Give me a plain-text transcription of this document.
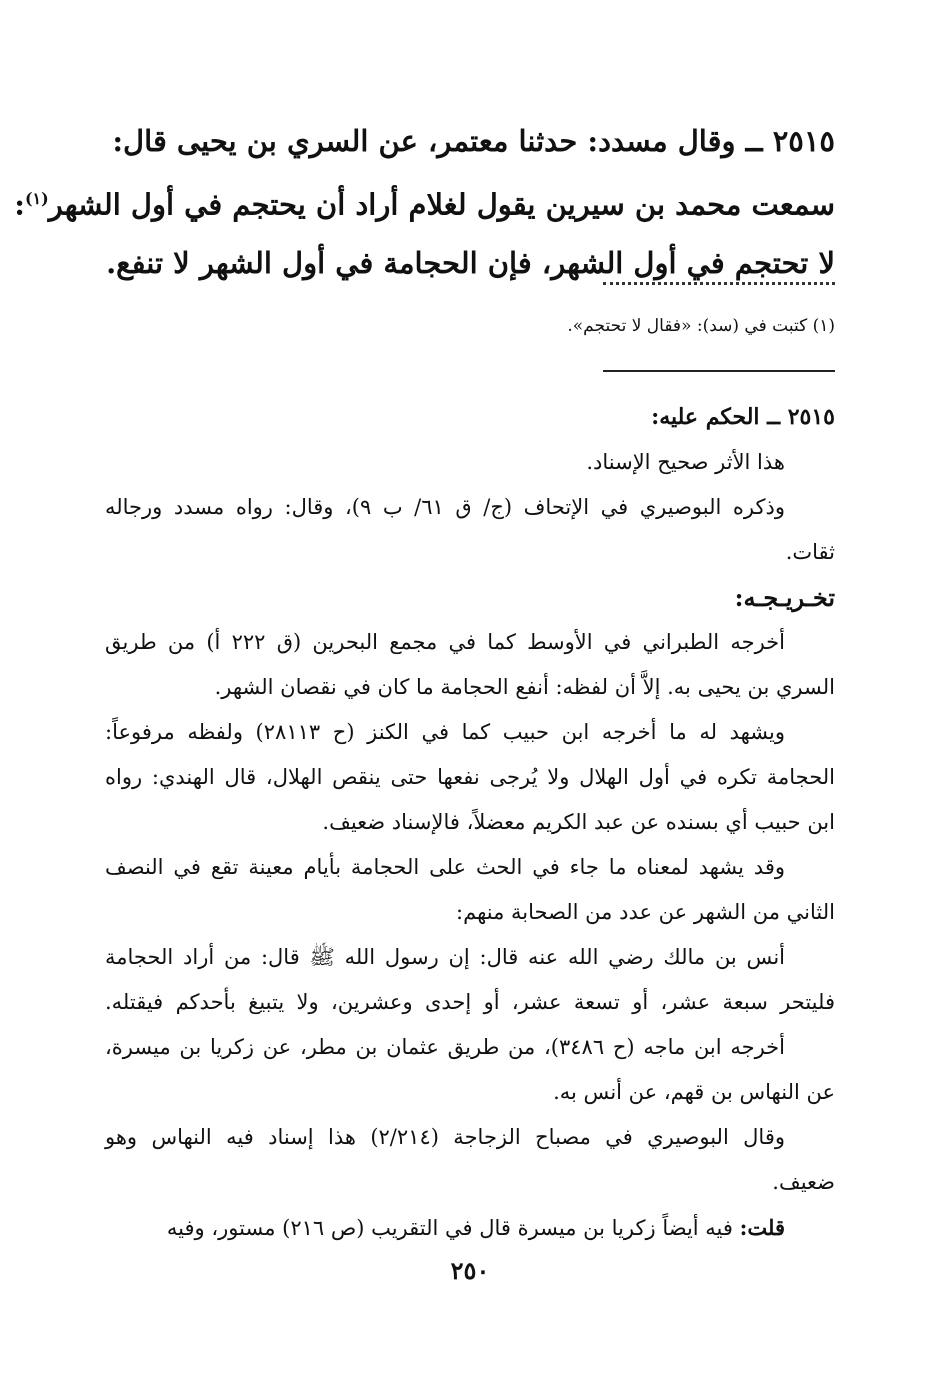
٢٥١٥ ــ وقال مسدد: حدثنا معتمر، عن السري بن يحيى قال:
سمعت محمد بن سيرين يقول لغلام أراد أن يحتجم في أول الشهر$^{(١)}$:
لا تحتجم في أول الشهر، فإن الحجامة في أول الشهر لا تنفع.
(١) كتبت في (سد): «فقال لا تحتجم».
٢٥١٥ ــ الحكم عليه:
هذا الأثر صحيح الإسناد.
وذكره البوصيري في الإتحاف (ج/ ق ٦١/ ب ٩)، وقال: رواه مسدد ورجاله
ثقات.
تخـريـجـه:
أخرجه الطبراني في الأوسط كما في مجمع البحرين (ق ٢٢٢ أ) من طريق
السري بن يحيى به. إلاَّ أن لفظه: أنفع الحجامة ما كان في نقصان الشهر.
ويشهد له ما أخرجه ابن حبيب كما في الكنز (ح ٢٨١١٣) ولفظه مرفوعاً:
الحجامة تكره في أول الهلال ولا يُرجى نفعها حتى ينقص الهلال، قال الهندي: رواه
ابن حبيب أي بسنده عن عبد الكريم معضلاً، فالإسناد ضعيف.
وقد يشهد لمعناه ما جاء في الحث على الحجامة بأيام معينة تقع في النصف
الثاني من الشهر عن عدد من الصحابة منهم:
أنس بن مالك رضي الله عنه قال: إن رسول الله ﷺ قال: من أراد الحجامة
فليتحر سبعة عشر، أو تسعة عشر، أو إحدى وعشرين، ولا يتبيغ بأحدكم فيقتله.
أخرجه ابن ماجه (ح ٣٤٨٦)، من طريق عثمان بن مطر، عن زكريا بن ميسرة،
عن النهاس بن قهم، عن أنس به.
وقال البوصيري في مصباح الزجاجة (٢/٢١٤) هذا إسناد فيه النهاس وهو
ضعيف.
قلت: فيه أيضاً زكريا بن ميسرة قال في التقريب (ص ٢١٦) مستور، وفيه
٢٥٠
